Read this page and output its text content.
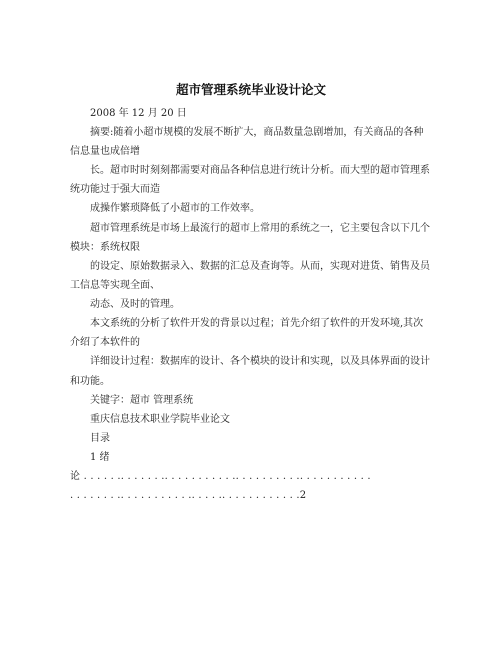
超市管理系统毕业设计论文
2008 年 12 月 20 日
摘要:随着小超市规模的发展不断扩大，商品数量急剧增加，有关商品的各种
信息量也成倍增
长。超市时时刻刻都需要对商品各种信息进行统计分析。而大型的超市管理系
统功能过于强大而造
成操作繁琐降低了小超市的工作效率。
超市管理系统是市场上最流行的超市上常用的系统之一，它主要包含以下几个
模块：系统权限
的设定、原始数据录入、数据的汇总及查询等。从而，实现对进货、销售及员
工信息等实现全面、
动态、及时的管理。
本文系统的分析了软件开发的背景以过程；首先介绍了软件的开发环境,其次
介绍了本软件的
详细设计过程：数据库的设计、各个模块的设计和实现，以及具体界面的设计
和功能。
关键字：超市 管理系统
重庆信息技术职业学院毕业论文
目录
1 绪
论 . . . . . .. . . . . . .. . . . . . . . . . .. . . . . . . . . .. . . . . . . . . . .
. . . . . . . .. . . . . . . . . . .. . . . .. . . . . . . . . . . .2
